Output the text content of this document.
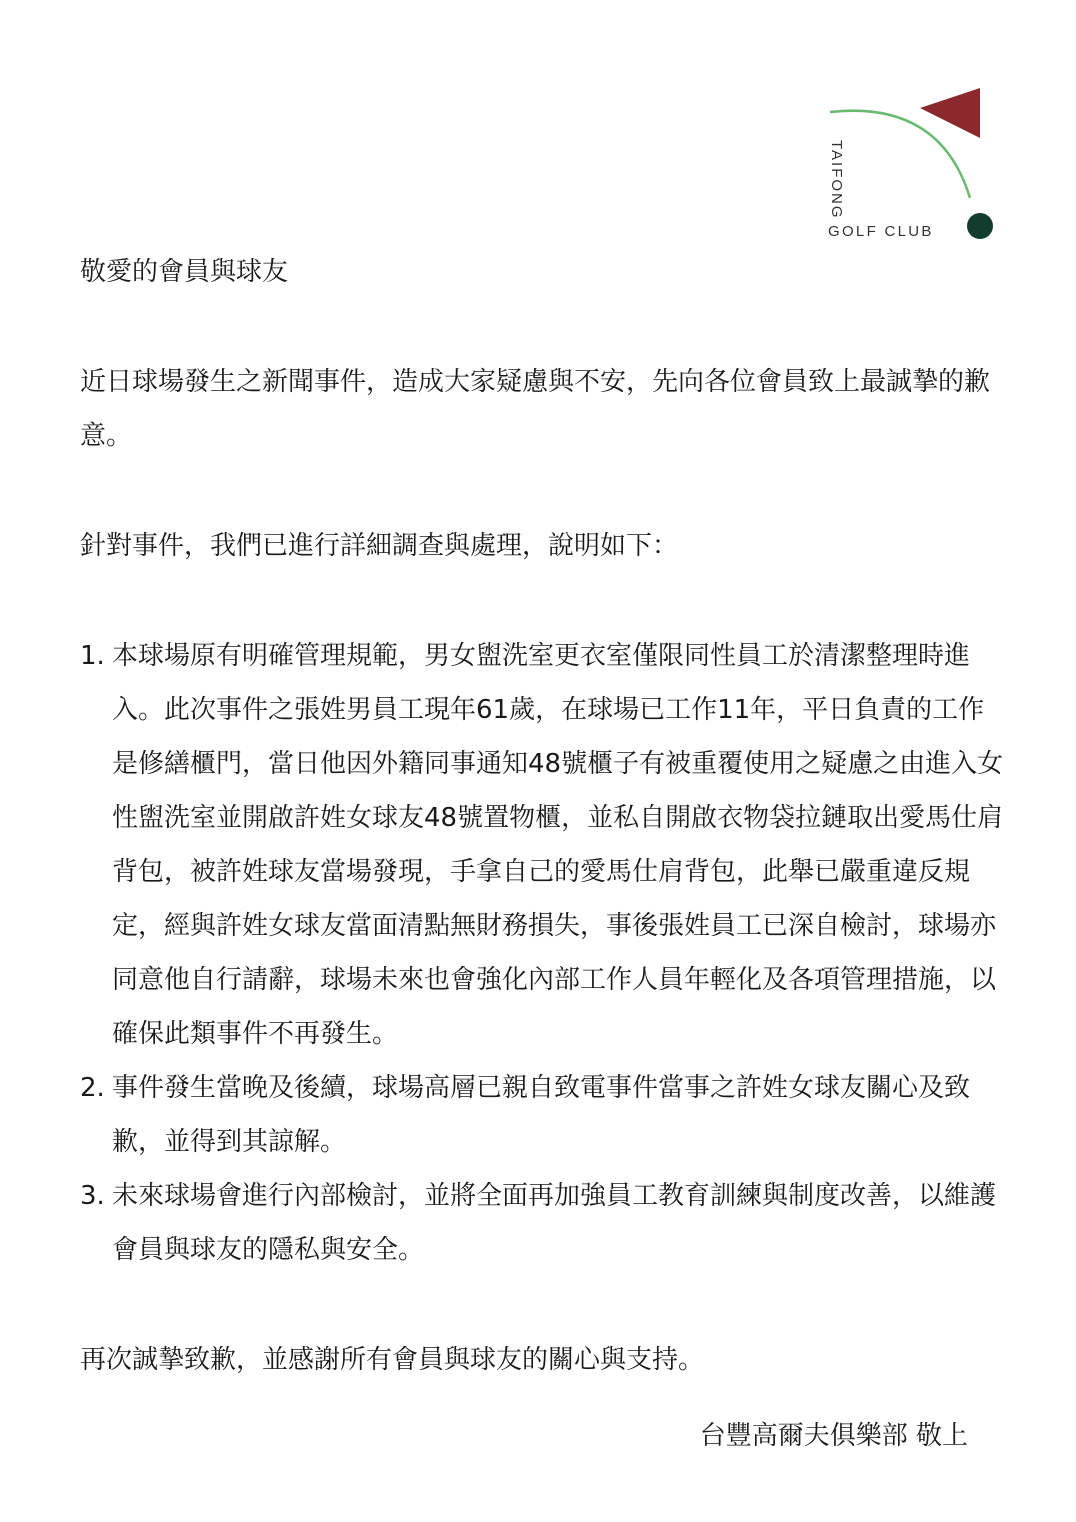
TAIFONG
GOLF CLUB

敬愛的會員與球友

近日球場發生之新聞事件，造成大家疑慮與不安，先向各位會員致上最誠摯的歉意。

針對事件，我們已進行詳細調查與處理，說明如下：

1. 本球場原有明確管理規範，男女盥洗室更衣室僅限同性員工於清潔整理時進入。此次事件之張姓男員工現年61歲，在球場已工作11年，平日負責的工作是修繕櫃門，當日他因外籍同事通知48號櫃子有被重覆使用之疑慮之由進入女性盥洗室並開啟許姓女球友48號置物櫃，並私自開啟衣物袋拉鏈取出愛馬仕肩背包，被許姓球友當場發現，手拿自己的愛馬仕肩背包，此舉已嚴重違反規定，經與許姓女球友當面清點無財務損失，事後張姓員工已深自檢討，球場亦同意他自行請辭，球場未來也會強化內部工作人員年輕化及各項管理措施，以確保此類事件不再發生。
2. 事件發生當晚及後續，球場高層已親自致電事件當事之許姓女球友關心及致歉，並得到其諒解。
3. 未來球場會進行內部檢討，並將全面再加強員工教育訓練與制度改善，以維護會員與球友的隱私與安全。

再次誠摯致歉，並感謝所有會員與球友的關心與支持。

台豐高爾夫俱樂部 敬上
